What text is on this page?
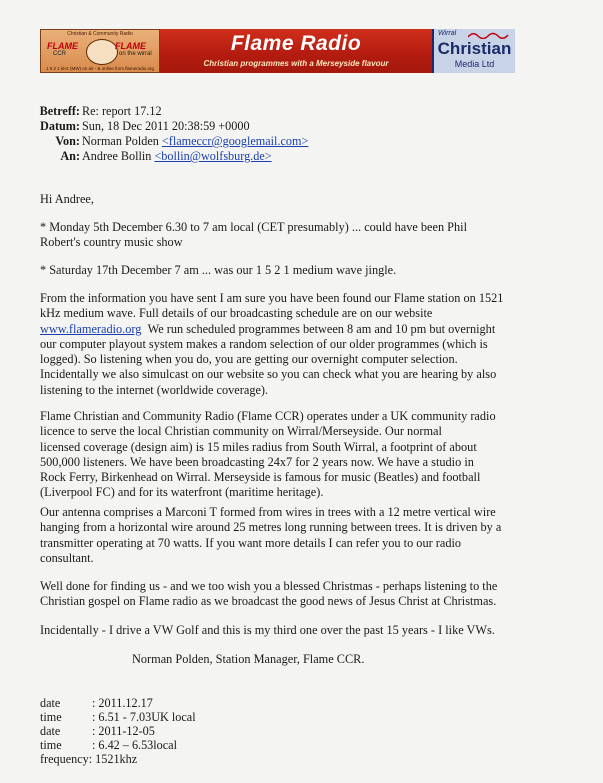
Christian & Community Radio
FLAME	FLAME
CCR	on the wirral
1 5 2 1 kHz (MW) on air - & online from flameradio.org
Flame Radio
Christian programmes with a Merseyside flavour
Wirral
Christian
Media Ltd
Betreff: Re: report 17.12
Datum: Sun, 18 Dec 2011 20:38:59 +0000
Von: Norman Polden <flameccr@googlemail.com>
An: Andree Bollin <bollin@wolfsburg.de>
Hi Andree,
* Monday 5th December 6.30 to 7 am local (CET presumably) ... could have been Phil
Robert's country music show
* Saturday 17th December 7 am ... was our 1 5 2 1 medium wave jingle.
From the information you have sent I am sure you have been found our Flame station on 1521
kHz medium wave. Full details of our broadcasting schedule are on our website
www.flameradio.org We run scheduled programmes between 8 am and 10 pm but overnight
our computer playout system makes a random selection of our older programmes (which is
logged). So listening when you do, you are getting our overnight computer selection.
Incidentally we also simulcast on our website so you can check what you are hearing by also
listening to the internet (worldwide coverage).
Flame Christian and Community Radio (Flame CCR) operates under a UK community radio
licence to serve the local Christian community on Wirral/Merseyside. Our normal
licensed coverage (design aim) is 15 miles radius from South Wirral, a footprint of about
500,000 listeners. We have been broadcasting 24x7 for 2 years now. We have a studio in
Rock Ferry, Birkenhead on Wirral. Merseyside is famous for music (Beatles) and football
(Liverpool FC) and for its waterfront (maritime heritage).
Our antenna comprises a Marconi T formed from wires in trees with a 12 metre vertical wire
hanging from a horizontal wire around 25 metres long running between trees. It is driven by a
transmitter operating at 70 watts. If you want more details I can refer you to our radio
consultant.
Well done for finding us - and we too wish you a blessed Christmas - perhaps listening to the
Christian gospel on Flame radio as we broadcast the good news of Jesus Christ at Christmas.
Incidentally - I drive a VW Golf and this is my third one over the past 15 years - I like VWs.
Norman Polden, Station Manager, Flame CCR.
date	: 2011.12.17
time : 6.51 - 7.03UK local
date	: 2011-12-05
time : 6.42 – 6.53local
frequency: 1521khz
